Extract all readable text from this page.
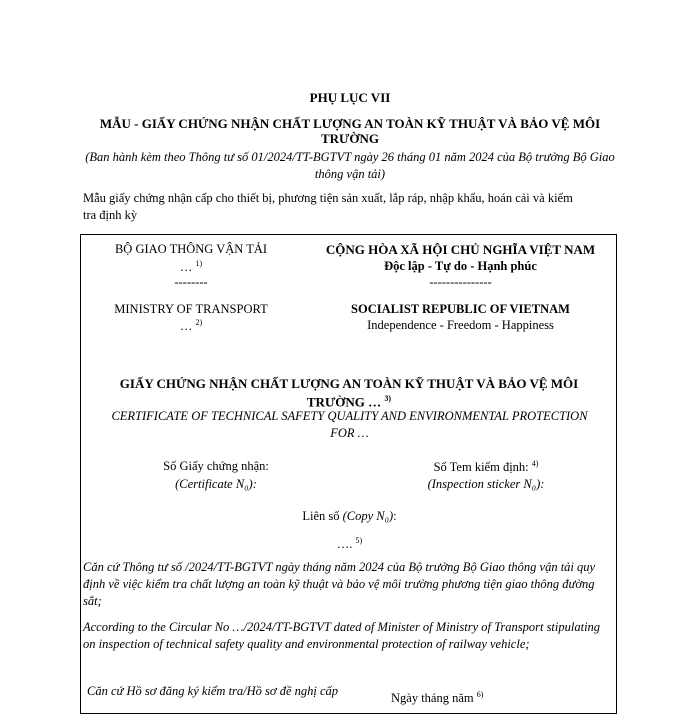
PHỤ LỤC VII
MẪU - GIẤY CHỨNG NHẬN CHẤT LƯỢNG AN TOÀN KỸ THUẬT VÀ BẢO VỆ MÔI TRƯỜNG
(Ban hành kèm theo Thông tư số 01/2024/TT-BGTVT ngày 26 tháng 01 năm 2024 của Bộ trưởng Bộ Giao thông vận tải)
Mẫu giấy chứng nhận cấp cho thiết bị, phương tiện sản xuất, lắp ráp, nhập khẩu, hoán cải và kiểm tra định kỳ
BỘ GIAO THÔNG VẬN TẢI
… $^{1)}$
--------
MINISTRY OF TRANSPORT
… $^{2)}$
CỘNG HÒA XÃ HỘI CHỦ NGHĨA VIỆT NAM
Độc lập - Tự do - Hạnh phúc
---------------
SOCIALIST REPUBLIC OF VIETNAM
Independence - Freedom - Happiness
GIẤY CHỨNG NHẬN CHẤT LƯỢNG AN TOÀN KỸ THUẬT VÀ BẢO VỆ MÔI TRƯỜNG … $^{3)}$
CERTIFICATE OF TECHNICAL SAFETY QUALITY AND ENVIRONMENTAL PROTECTION
FOR …
Số Giấy chứng nhận:
(Certificate N₀):
Số Tem kiểm định: $^{4)}$
(Inspection sticker N₀):
Liên số (Copy N₀):
…. $^{5)}$
Căn cứ Thông tư số /2024/TT-BGTVT ngày tháng năm 2024 của Bộ trưởng Bộ Giao thông vận tải quy định về việc kiểm tra chất lượng an toàn kỹ thuật và bảo vệ môi trường phương tiện giao thông đường sắt;
According to the Circular No …/2024/TT-BGTVT dated of Minister of Ministry of Transport stipulating on inspection of technical safety quality and environmental protection of railway vehicle;
Căn cứ Hồ sơ đăng ký kiểm tra/Hồ sơ đề nghị cấp
Ngày tháng năm $^{6)}$
